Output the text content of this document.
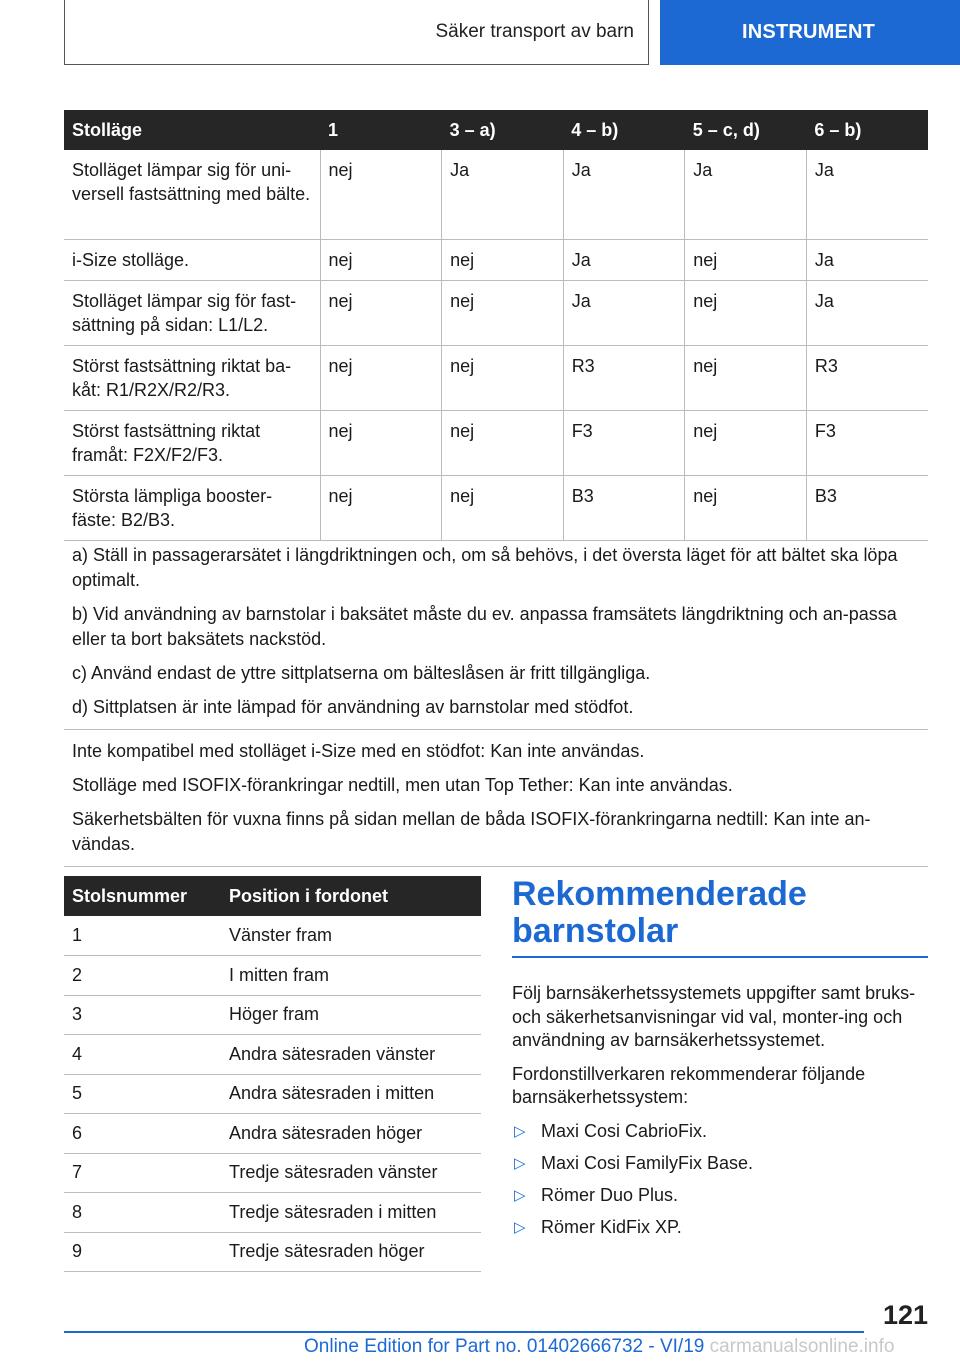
Säker transport av barn	INSTRUMENT
Stolläge	1	3 – a)	4 – b)	5 – c, d)	6 – b)
Stolläget lämpar sig för uni-versell fastsättning med bälte.	nej	Ja	Ja	Ja	Ja
i-Size stolläge.	nej	nej	Ja	nej	Ja
Stolläget lämpar sig för fast-sättning på sidan: L1/L2.	nej	nej	Ja	nej	Ja
Störst fastsättning riktat ba-kåt: R1/R2X/R2/R3.	nej	nej	R3	nej	R3
Störst fastsättning riktat framåt: F2X/F2/F3.	nej	nej	F3	nej	F3
Största lämpliga booster-fäste: B2/B3.	nej	nej	B3	nej	B3

a) Ställ in passagerarsätet i längdriktningen och, om så behövs, i det översta läget för att bältet ska löpa optimalt.

b) Vid användning av barnstolar i baksätet måste du ev. anpassa framsätets längdriktning och an-passa eller ta bort baksätets nackstöd.

c) Använd endast de yttre sittplatserna om bälteslåsen är fritt tillgängliga.

d) Sittplatsen är inte lämpad för användning av barnstolar med stödfot.

Inte kompatibel med stolläget i-Size med en stödfot: Kan inte användas.

Stolläge med ISOFIX-förankringar nedtill, men utan Top Tether: Kan inte användas.

Säkerhetsbälten för vuxna finns på sidan mellan de båda ISOFIX-förankringarna nedtill: Kan inte an-vändas.

Stolsnummer	Position i fordonet
1	Vänster fram
2	I mitten fram
3	Höger fram
4	Andra sätesraden vänster
5	Andra sätesraden i mitten
6	Andra sätesraden höger
7	Tredje sätesraden vänster
8	Tredje sätesraden i mitten
9	Tredje sätesraden höger
Rekommenderade barnstolar

Följ barnsäkerhetssystemets uppgifter samt bruks- och säkerhetsanvisningar vid val, monter-ing och användning av barnsäkerhetssystemet.

Fordonstillverkaren rekommenderar följande barnsäkerhetssystem:

▷ Maxi Cosi CabrioFix.
▷ Maxi Cosi FamilyFix Base.
▷ Römer Duo Plus.
▷ Römer KidFix XP.
121
Online Edition for Part no. 01402666732 - VI/19 carmanualsonline.info
